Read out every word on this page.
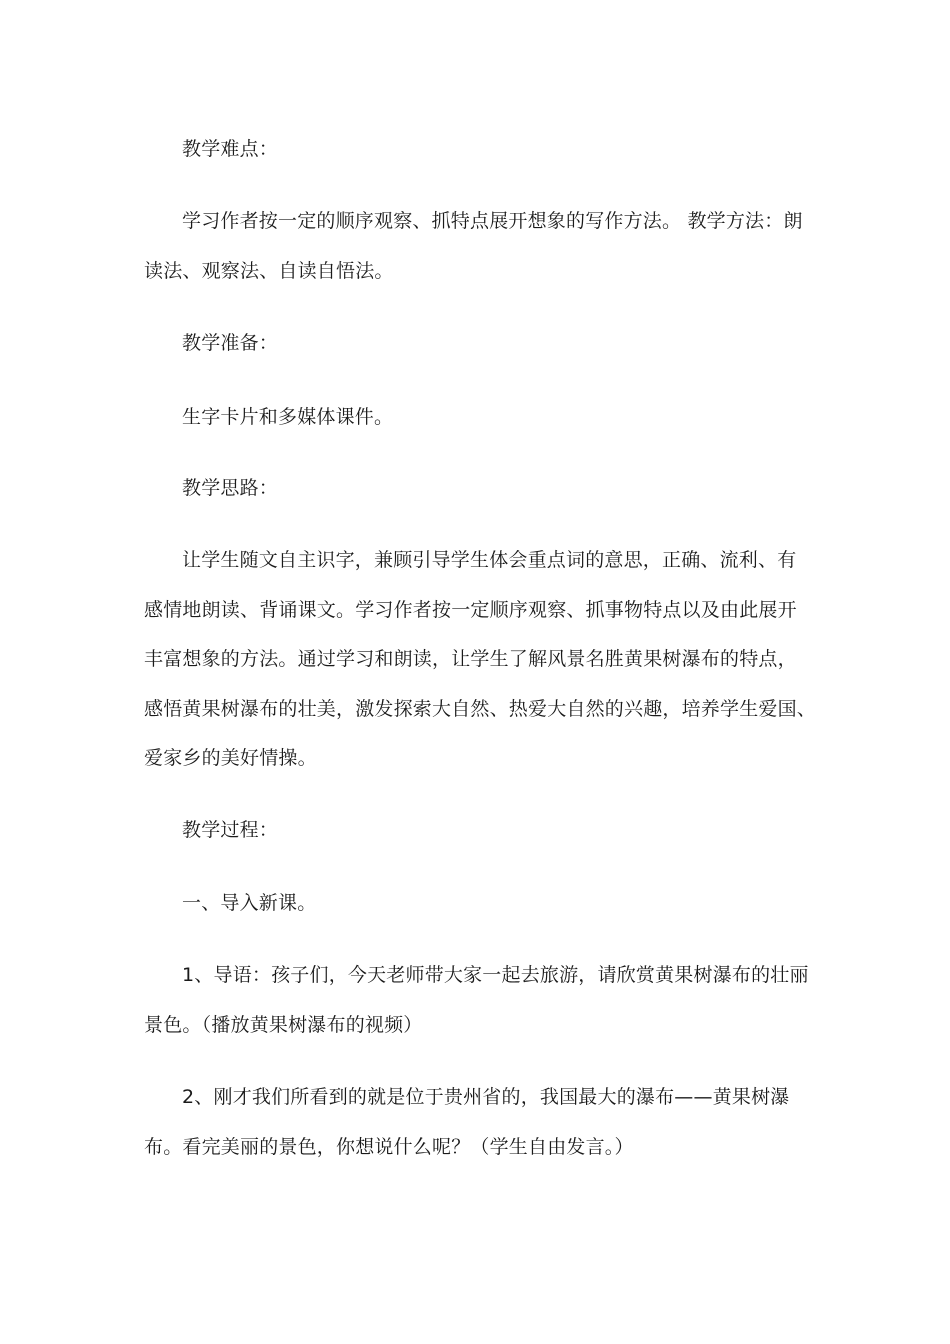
教学难点：

学习作者按一定的顺序观察、抓特点展开想象的写作方法。 教学方法：朗
读法、观察法、自读自悟法。

教学准备：

生字卡片和多媒体课件。

教学思路：

让学生随文自主识字，兼顾引导学生体会重点词的意思，正确、流利、有
感情地朗读、背诵课文。学习作者按一定顺序观察、抓事物特点以及由此展开
丰富想象的方法。通过学习和朗读，让学生了解风景名胜黄果树瀑布的特点，
感悟黄果树瀑布的壮美，激发探索大自然、热爱大自然的兴趣，培养学生爱国、
爱家乡的美好情操。

教学过程：

一、导入新课。

1、导语：孩子们，今天老师带大家一起去旅游，请欣赏黄果树瀑布的壮丽
景色。（播放黄果树瀑布的视频）

2、刚才我们所看到的就是位于贵州省的，我国最大的瀑布——黄果树瀑
布。看完美丽的景色，你想说什么呢？（学生自由发言。）
